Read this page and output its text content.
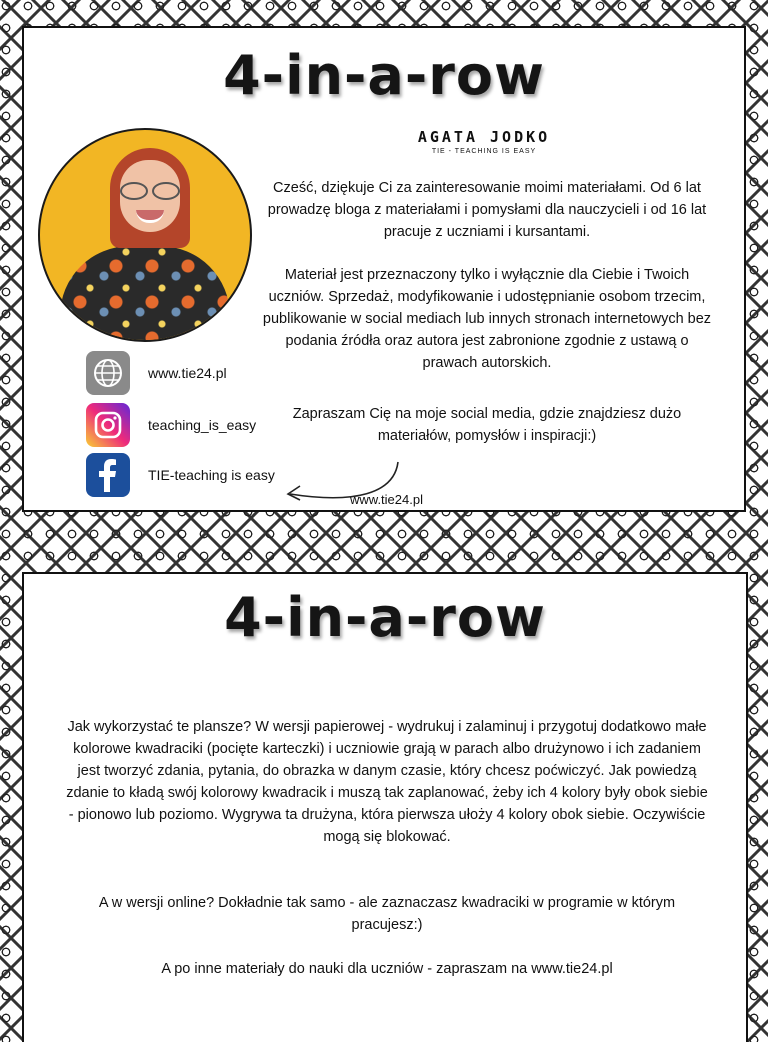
4-in-a-row
AGATA JODKO
TIE - TEACHING IS EASY

Cześć, dziękuje Ci za zainteresowanie moimi materiałami. Od 6 lat prowadzę bloga z materiałami i pomysłami dla nauczycieli i od 16 lat pracuje z uczniami i kursantami.

Materiał jest przeznaczony tylko i wyłącznie dla Ciebie i Twoich uczniów. Sprzedaż, modyfikowanie i udostępnianie osobom trzecim, publikowanie w social mediach lub innych stronach internetowych bez podania źródła oraz autora jest zabronione zgodnie z ustawą o prawach autorskich.

Zapraszam Cię na moje social media, gdzie znajdziesz dużo materiałów, pomysłów i inspiracji:)

www.tie24.pl
teaching_is_easy
TIE-teaching is easy
www.tie24.pl
4-in-a-row

Jak wykorzystać te plansze? W wersji papierowej - wydrukuj i zalaminuj i przygotuj dodatkowo małe kolorowe kwadraciki (pocięte karteczki) i uczniowie grają w parach albo drużynowo i ich zadaniem jest tworzyć zdania, pytania, do obrazka w danym czasie, który chcesz poćwiczyć. Jak powiedzą zdanie to kładą swój kolorowy kwadracik i muszą tak zaplanować, żeby ich 4 kolory były obok siebie - pionowo lub poziomo. Wygrywa ta drużyna, która pierwsza ułoży 4 kolory obok siebie. Oczywiście mogą się blokować.

A w wersji online? Dokładnie tak samo - ale zaznaczasz kwadraciki w programie w którym pracujesz:)

A po inne materiały do nauki dla uczniów - zapraszam na www.tie24.pl
